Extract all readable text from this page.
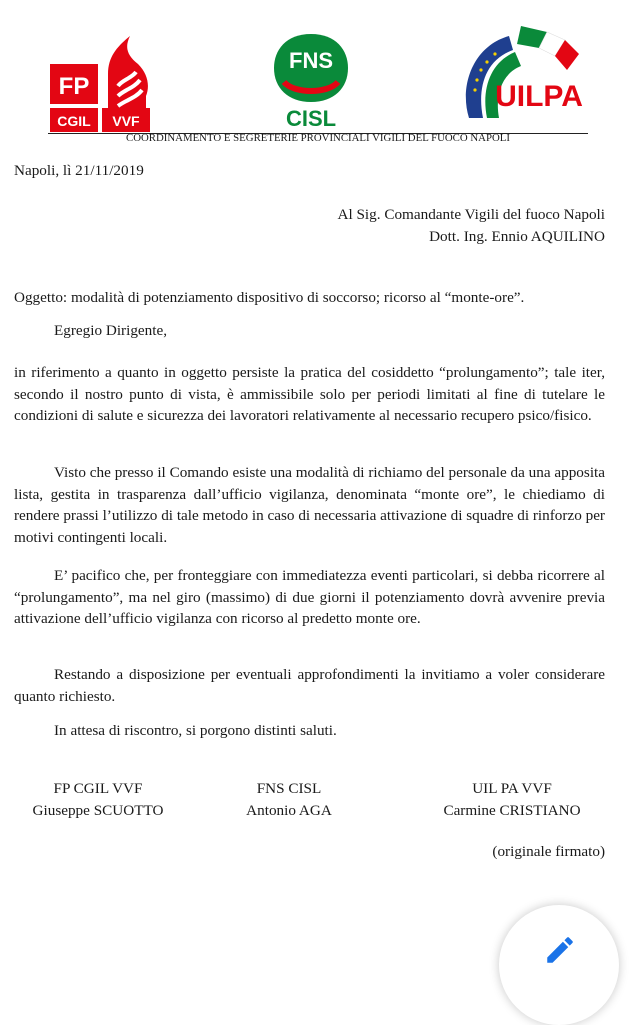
FP
CGIL VVF
FNS
CISL
UILPA
COORDINAMENTO E SEGRETERIE PROVINCIALI VIGILI DEL FUOCO NAPOLI
Napoli, lì 21/11/2019
Al Sig. Comandante Vigili del fuoco Napoli
Dott. Ing. Ennio AQUILINO
Oggetto: modalità di potenziamento dispositivo di soccorso; ricorso al “monte-ore”.
Egregio Dirigente,
in riferimento a quanto in oggetto persiste la pratica del cosiddetto “prolungamento”; tale iter, secondo il nostro punto di vista, è ammissibile solo per periodi limitati al fine di tutelare le condizioni di salute e sicurezza dei lavoratori relativamente al necessario recupero psico/fisico.
Visto che presso il Comando esiste una modalità di richiamo del personale da una apposita lista, gestita in trasparenza dall’ufficio vigilanza, denominata “monte ore”, le chiediamo di rendere prassi l’utilizzo di tale metodo in caso di necessaria attivazione di squadre di rinforzo per motivi contingenti locali.
E’ pacifico che, per fronteggiare con immediatezza eventi particolari, si debba ricorrere al “prolungamento”, ma nel giro (massimo) di due giorni il potenziamento dovrà avvenire previa attivazione dell’ufficio vigilanza con ricorso al predetto monte ore.
Restando a disposizione per eventuali approfondimenti la invitiamo a voler considerare quanto richiesto.
In attesa di riscontro, si porgono distinti saluti.
FP CGIL VVF
Giuseppe SCUOTTO
FNS CISL
Antonio AGA
UIL PA VVF
Carmine CRISTIANO
(originale firmato)
